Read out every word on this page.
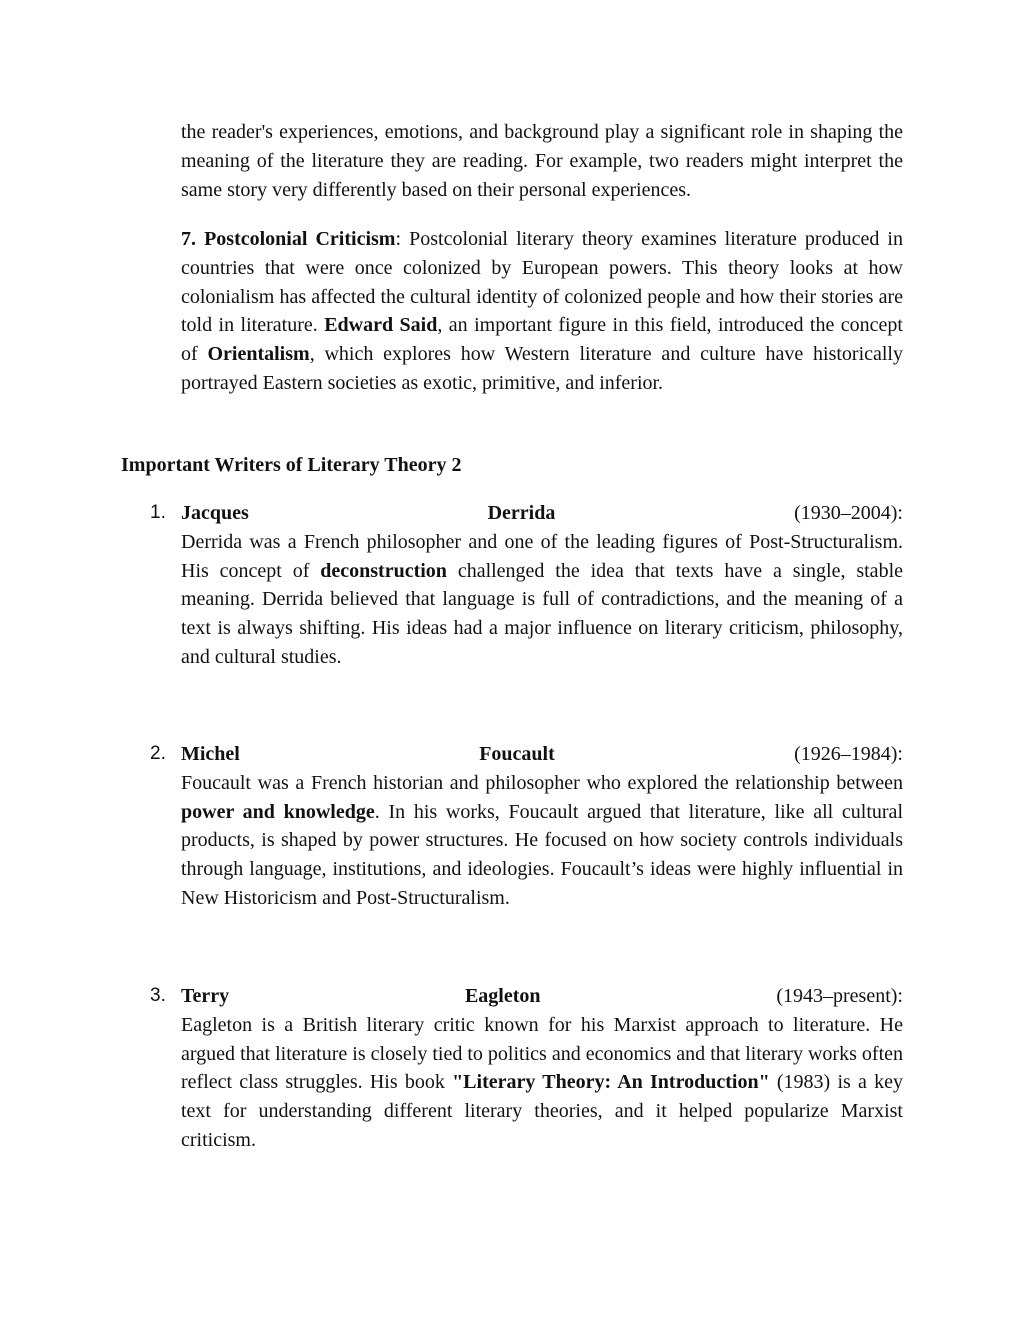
the reader's experiences, emotions, and background play a significant role in shaping the meaning of the literature they are reading. For example, two readers might interpret the same story very differently based on their personal experiences.

7. Postcolonial Criticism: Postcolonial literary theory examines literature produced in countries that were once colonized by European powers. This theory looks at how colonialism has affected the cultural identity of colonized people and how their stories are told in literature. Edward Said, an important figure in this field, introduced the concept of Orientalism, which explores how Western literature and culture have historically portrayed Eastern societies as exotic, primitive, and inferior.

Important Writers of Literary Theory 2
1. Jacques	Derrida	(1930–2004):

Derrida was a French philosopher and one of the leading figures of Post-Structuralism. His concept of deconstruction challenged the idea that texts have a single, stable meaning. Derrida believed that language is full of contradictions, and the meaning of a text is always shifting. His ideas had a major influence on literary criticism, philosophy, and cultural studies.

2. Michel	Foucault	(1926–1984):

Foucault was a French historian and philosopher who explored the relationship between power and knowledge. In his works, Foucault argued that literature, like all cultural products, is shaped by power structures. He focused on how society controls individuals through language, institutions, and ideologies. Foucault’s ideas were highly influential in New Historicism and Post-Structuralism.

3. Terry	Eagleton	(1943–present):

Eagleton is a British literary critic known for his Marxist approach to literature. He argued that literature is closely tied to politics and economics and that literary works often reflect class struggles. His book "Literary Theory: An Introduction" (1983) is a key text for understanding different literary theories, and it helped popularize Marxist criticism.
